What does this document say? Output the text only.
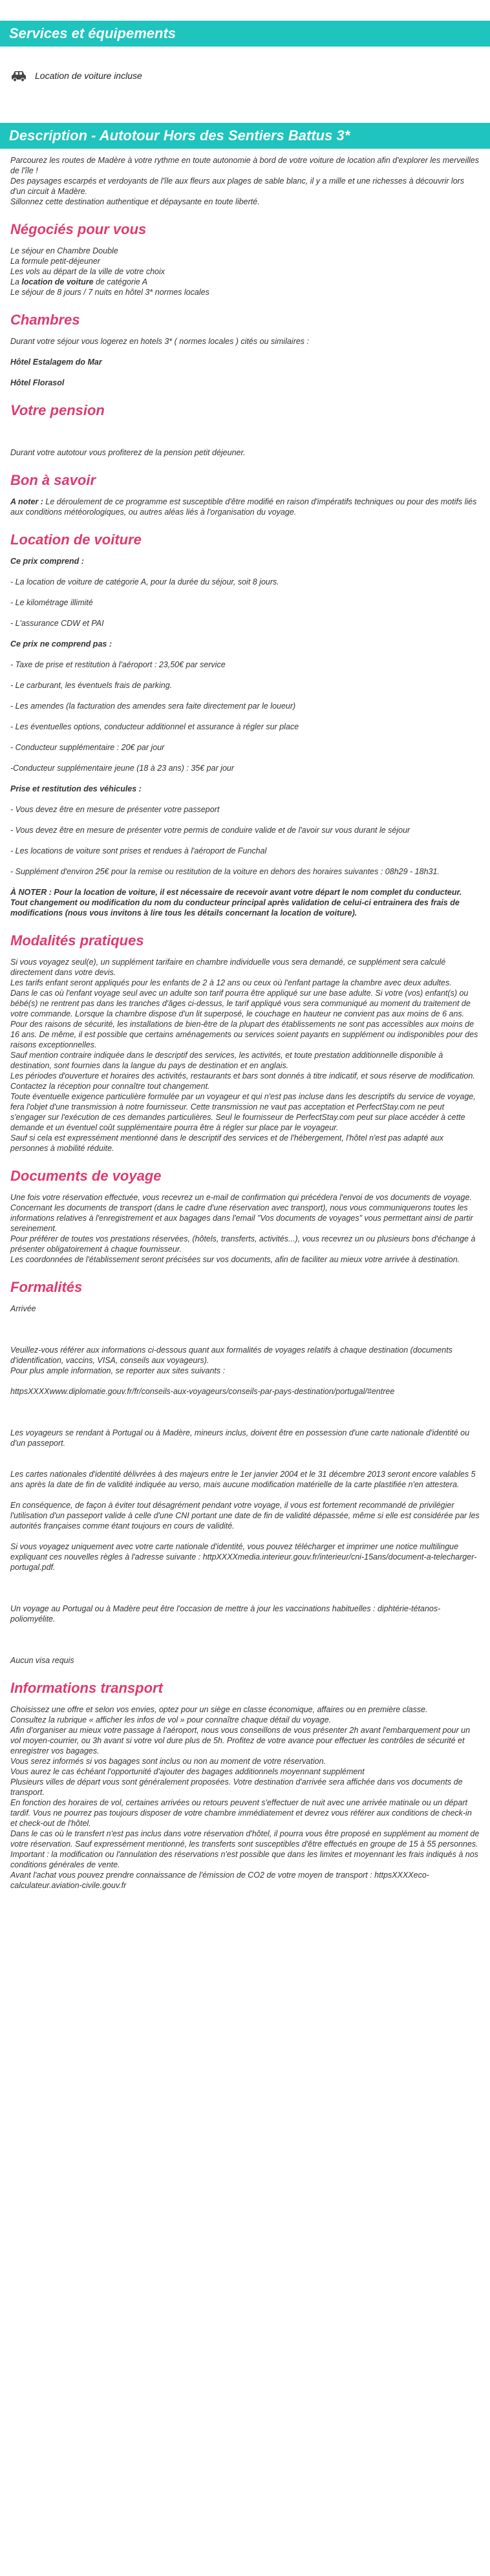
Services et équipements
Location de voiture incluse
Description - Autotour Hors des Sentiers Battus 3*

Parcourez les routes de Madère à votre rythme en toute autonomie à bord de votre voiture de location afin d'explorer les merveilles de l'île !

Des paysages escarpés et verdoyants de l'île aux fleurs aux plages de sable blanc, il y a mille et une richesses à découvrir lors d'un circuit à Madère.

Sillonnez cette destination authentique et dépaysante en toute liberté.

Négociés pour vous

Le séjour en Chambre Double

La formule petit-déjeuner

Les vols au départ de la ville de votre choix

La location de voiture de catégorie A

Le séjour de 8 jours / 7 nuits en hôtel 3* normes locales

Chambres

Durant votre séjour vous logerez en hotels 3* ( normes locales ) cités ou similaires :

Hôtel Estalagem do Mar

Hôtel Florasol

Votre pension

Durant votre autotour vous profiterez de la pension petit déjeuner.

Bon à savoir

A noter : Le déroulement de ce programme est susceptible d'être modifié en raison d'impératifs techniques ou pour des motifs liés aux conditions météorologiques, ou autres aléas liés à l'organisation du voyage.

Location de voiture

Ce prix comprend :

- La location de voiture de catégorie A, pour la durée du séjour, soit 8 jours.

- Le kilométrage illimité

- L'assurance CDW et PAI

Ce prix ne comprend pas :

- Taxe de prise et restitution à l'aéroport : 23,50€ par service

- Le carburant, les éventuels frais de parking.

- Les amendes (la facturation des amendes sera faite directement par le loueur)

- Les éventuelles options, conducteur additionnel et assurance à régler sur place

- Conducteur supplémentaire : 20€ par jour

-Conducteur supplémentaire jeune (18 à 23 ans) : 35€ par jour

Prise et restitution des véhicules :

- Vous devez être en mesure de présenter votre passeport

- Vous devez être en mesure de présenter votre permis de conduire valide et de l'avoir sur vous durant le séjour

- Les locations de voiture sont prises et rendues à l'aéroport de Funchal

- Supplément d'environ 25€ pour la remise ou restitution de la voiture en dehors des horaires suivantes : 08h29 - 18h31.

À NOTER : Pour la location de voiture, il est nécessaire de recevoir avant votre départ le nom complet du conducteur. Tout changement ou modification du nom du conducteur principal après validation de celui-ci entrainera des frais de modifications (nous vous invitons à lire tous les détails concernant la location de voiture).

Modalités pratiques

Si vous voyagez seul(e), un supplément tarifaire en chambre individuelle vous sera demandé, ce supplément sera calculé directement dans votre devis.

Les tarifs enfant seront appliqués pour les enfants de 2 à 12 ans ou ceux où l'enfant partage la chambre avec deux adultes.

Dans le cas où l'enfant voyage seul avec un adulte son tarif pourra être appliqué sur une base adulte. Si votre (vos) enfant(s) ou bébé(s) ne rentrent pas dans les tranches d'âges ci-dessus, le tarif appliqué vous sera communiqué au moment du traitement de votre commande. Lorsque la chambre dispose d'un lit superposé, le couchage en hauteur ne convient pas aux moins de 6 ans.

Pour des raisons de sécurité, les installations de bien-être de la plupart des établissements ne sont pas accessibles aux moins de 16 ans. De même, il est possible que certains aménagements ou services soient payants en supplément ou indisponibles pour des raisons exceptionnelles.

Sauf mention contraire indiquée dans le descriptif des services, les activités, et toute prestation additionnelle disponible à destination, sont fournies dans la langue du pays de destination et en anglais.

Les périodes d'ouverture et horaires des activités, restaurants et bars sont donnés à titre indicatif, et sous réserve de modification. Contactez la réception pour connaître tout changement.

Toute éventuelle exigence particulière formulée par un voyageur et qui n'est pas incluse dans les descriptifs du service de voyage, fera l'objet d'une transmission à notre fournisseur. Cette transmission ne vaut pas acceptation et PerfectStay.com ne peut s'engager sur l'exécution de ces demandes particulières. Seul le fournisseur de PerfectStay.com peut sur place accéder à cette demande et un éventuel coût supplémentaire pourra être à régler sur place par le voyageur.

Sauf si cela est expressément mentionné dans le descriptif des services et de l'hébergement, l'hôtel n'est pas adapté aux personnes à mobilité réduite.

Documents de voyage

Une fois votre réservation effectuée, vous recevrez un e-mail de confirmation qui précédera l'envoi de vos documents de voyage.

Concernant les documents de transport (dans le cadre d'une réservation avec transport), nous vous communiquerons toutes les informations relatives à l'enregistrement et aux bagages dans l'email "Vos documents de voyages" vous permettant ainsi de partir sereinement.

Pour préférer de toutes vos prestations réservées, (hôtels, transferts, activités...), vous recevrez un ou plusieurs bons d'échange à présenter obligatoirement à chaque fournisseur.

Les coordonnées de l'établissement seront précisées sur vos documents, afin de faciliter au mieux votre arrivée à destination.

Formalités

Arrivée

Veuillez-vous référer aux informations ci-dessous quant aux formalités de voyages relatifs à chaque destination (documents d'identification, vaccins, VISA, conseils aux voyageurs).

Pour plus ample information, se reporter aux sites suivants :

httpsXXXXwww.diplomatie.gouv.fr/fr/conseils-aux-voyageurs/conseils-par-pays-destination/portugal/#entree

Les voyageurs se rendant à Portugal ou à Madère, mineurs inclus, doivent être en possession d'une carte nationale d'identité ou d'un passeport.

Les cartes nationales d'identité délivrées à des majeurs entre le 1er janvier 2004 et le 31 décembre 2013 seront encore valables 5 ans après la date de fin de validité indiquée au verso, mais aucune modification matérielle de la carte plastifiée n'en attestera.

En conséquence, de façon à éviter tout désagrément pendant votre voyage, il vous est fortement recommandé de privilégier l'utilisation d'un passeport valide à celle d'une CNI portant une date de fin de validité dépassée, même si elle est considérée par les autorités françaises comme étant toujours en cours de validité.

Si vous voyagez uniquement avec votre carte nationale d'identité, vous pouvez télécharger et imprimer une notice multilingue expliquant ces nouvelles règles à l'adresse suivante : httpXXXXmedia.interieur.gouv.fr/interieur/cni-15ans/document-a-telecharger-portugal.pdf.

Un voyage au Portugal ou à Madère peut être l'occasion de mettre à jour les vaccinations habituelles : diphtérie-tétanos-poliomyélite.

Aucun visa requis

Informations transport

Choisissez une offre et selon vos envies, optez pour un siège en classe économique, affaires ou en première classe.

Consultez la rubrique « afficher les infos de vol » pour connaître chaque détail du voyage.

Afin d'organiser au mieux votre passage à l'aéroport, nous vous conseillons de vous présenter 2h avant l'embarquement pour un vol moyen-courrier, ou 3h avant si votre vol dure plus de 5h. Profitez de votre avance pour effectuer les contrôles de sécurité et enregistrer vos bagages.

Vous serez informés si vos bagages sont inclus ou non au moment de votre réservation.

Vous aurez le cas échéant l'opportunité d'ajouter des bagages additionnels moyennant supplément

Plusieurs villes de départ vous sont généralement proposées. Votre destination d'arrivée sera affichée dans vos documents de transport.

En fonction des horaires de vol, certaines arrivées ou retours peuvent s'effectuer de nuit avec une arrivée matinale ou un départ tardif. Vous ne pourrez pas toujours disposer de votre chambre immédiatement et devrez vous référer aux conditions de check-in et check-out de l'hôtel.

Dans le cas où le transfert n'est pas inclus dans votre réservation d'hôtel, il pourra vous être proposé en supplément au moment de votre réservation. Sauf expressément mentionné, les transferts sont susceptibles d'être effectués en groupe de 15 à 55 personnes.

Important : la modification ou l'annulation des réservations n'est possible que dans les limites et moyennant les frais indiqués à nos conditions générales de vente.

Avant l'achat vous pouvez prendre connaissance de l'émission de CO2 de votre moyen de transport : httpsXXXXeco-calculateur.aviation-civile.gouv.fr
